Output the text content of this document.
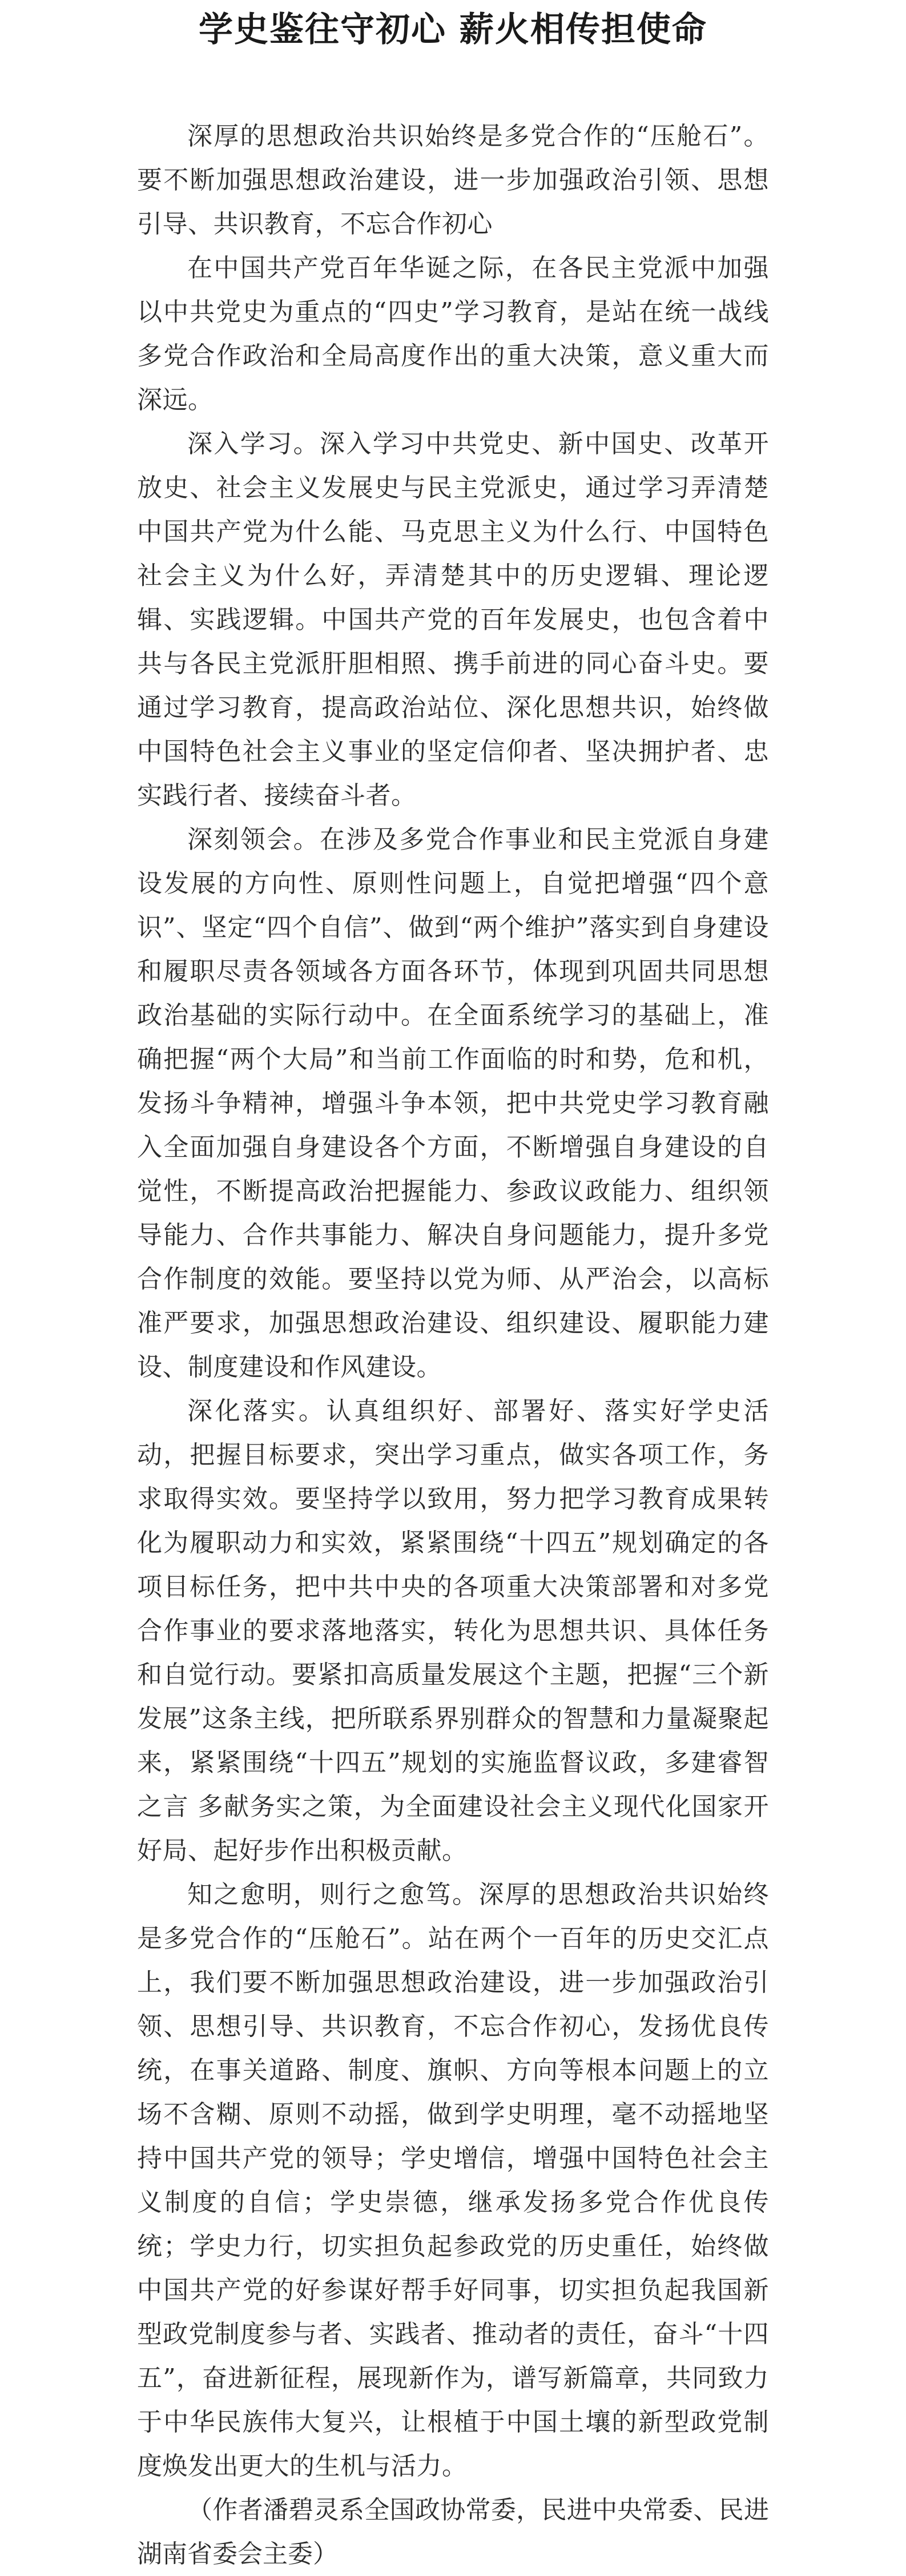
学史鉴往守初心 薪火相传担使命

深厚的思想政治共识始终是多党合作的“压舱石”。要不断加强思想政治建设，进一步加强政治引领、思想引导、共识教育，不忘合作初心

在中国共产党百年华诞之际，在各民主党派中加强以中共党史为重点的“四史”学习教育，是站在统一战线多党合作政治和全局高度作出的重大决策，意义重大而深远。

深入学习。深入学习中共党史、新中国史、改革开放史、社会主义发展史与民主党派史，通过学习弄清楚中国共产党为什么能、马克思主义为什么行、中国特色社会主义为什么好，弄清楚其中的历史逻辑、理论逻辑、实践逻辑。中国共产党的百年发展史，也包含着中共与各民主党派肝胆相照、携手前进的同心奋斗史。要通过学习教育，提高政治站位、深化思想共识，始终做中国特色社会主义事业的坚定信仰者、坚决拥护者、忠实践行者、接续奋斗者。

深刻领会。在涉及多党合作事业和民主党派自身建设发展的方向性、原则性问题上，自觉把增强“四个意识”、坚定“四个自信”、做到“两个维护”落实到自身建设和履职尽责各领域各方面各环节，体现到巩固共同思想政治基础的实际行动中。在全面系统学习的基础上，准确把握“两个大局”和当前工作面临的时和势，危和机，发扬斗争精神，增强斗争本领，把中共党史学习教育融入全面加强自身建设各个方面，不断增强自身建设的自觉性，不断提高政治把握能力、参政议政能力、组织领导能力、合作共事能力、解决自身问题能力，提升多党合作制度的效能。要坚持以党为师、从严治会，以高标准严要求，加强思想政治建设、组织建设、履职能力建设、制度建设和作风建设。

深化落实。认真组织好、部署好、落实好学史活动，把握目标要求，突出学习重点，做实各项工作，务求取得实效。要坚持学以致用，努力把学习教育成果转化为履职动力和实效，紧紧围绕“十四五”规划确定的各项目标任务，把中共中央的各项重大决策部署和对多党合作事业的要求落地落实，转化为思想共识、具体任务和自觉行动。要紧扣高质量发展这个主题，把握“三个新发展”这条主线，把所联系界别群众的智慧和力量凝聚起来，紧紧围绕“十四五”规划的实施监督议政，多建睿智之言 多献务实之策，为全面建设社会主义现代化国家开好局、起好步作出积极贡献。

知之愈明，则行之愈笃。深厚的思想政治共识始终是多党合作的“压舱石”。站在两个一百年的历史交汇点上，我们要不断加强思想政治建设，进一步加强政治引领、思想引导、共识教育，不忘合作初心，发扬优良传统，在事关道路、制度、旗帜、方向等根本问题上的立场不含糊、原则不动摇，做到学史明理，毫不动摇地坚持中国共产党的领导；学史增信，增强中国特色社会主义制度的自信；学史崇德，继承发扬多党合作优良传统；学史力行，切实担负起参政党的历史重任，始终做中国共产党的好参谋好帮手好同事，切实担负起我国新型政党制度参与者、实践者、推动者的责任，奋斗“十四五”，奋进新征程，展现新作为，谱写新篇章，共同致力于中华民族伟大复兴，让根植于中国土壤的新型政党制度焕发出更大的生机与活力。

（作者潘碧灵系全国政协常委，民进中央常委、民进湖南省委会主委）
